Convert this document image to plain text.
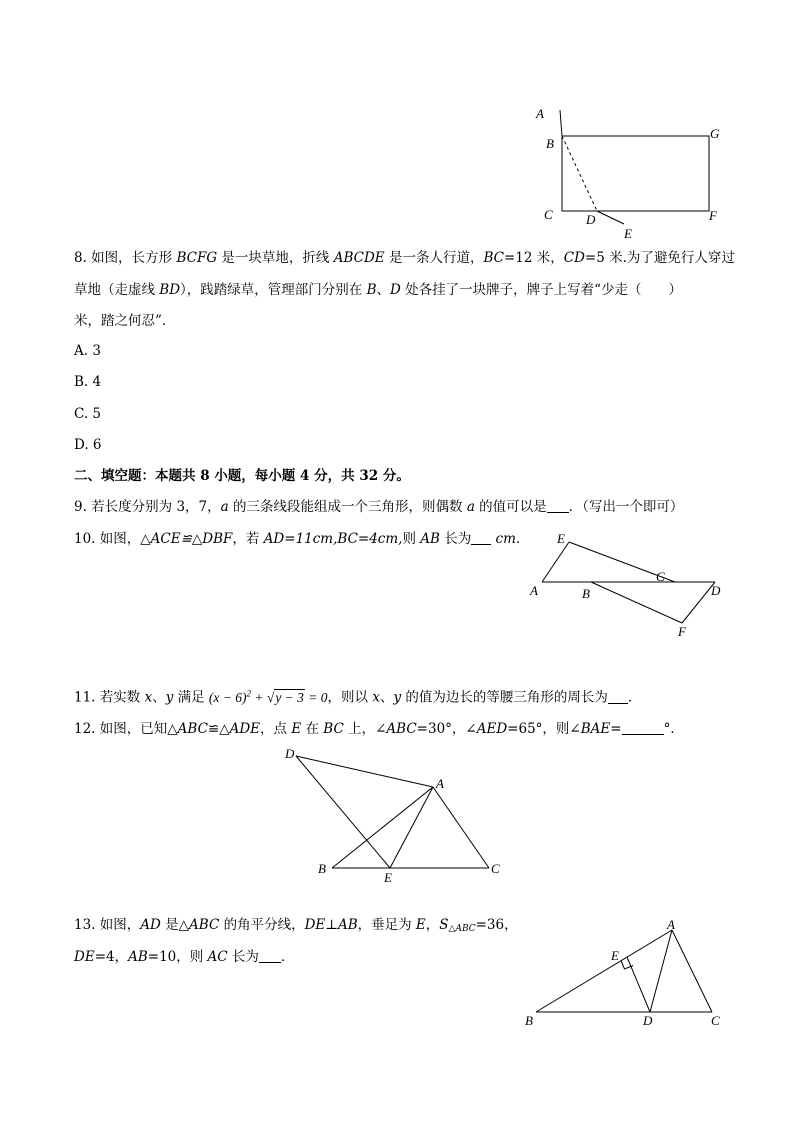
A
B
G
C	D	F
E
8. 如图，长方形 BCFG 是一块草地，折线 ABCDE 是一条人行道，BC=12 米，CD=5 米.为了避免行人穿过
草地（走虚线 BD），践踏绿草，管理部门分别在 B、D 处各挂了一块牌子，牌子上写着“少走（　　）
米，踏之何忍”．
A. 3
B. 4
C. 5
D. 6
二、填空题：本题共 8 小题，每小题 4 分，共 32 分。
9. 若长度分别为 3，7，a 的三条线段能组成一个三角形，则偶数 a 的值可以是 ．（写出一个即可）
10. 如图，△ACE≌△DBF，若 AD=11cm,BC=4cm,则 AB 长为 cm.	E
C
A	B	D
F
11. 若实数 x、y 满足 $(x - 6)^2 + √y - 3 = 0$，则以 x、y 的值为边长的等腰三角形的周长为 ．
12. 如图，已知△ABC≌△ADE，点 E 在 BC 上，∠ABC=30°，∠AED=65°，则∠BAE=	°．
D
A
B
E
C
13. 如图，AD 是△ABC 的角平分线，DE⊥AB，垂足为 E，$S_{\triangle ABC}=36$，
DE=4，AB=10，则 AC 长为 ．
A
E
B	D	C
